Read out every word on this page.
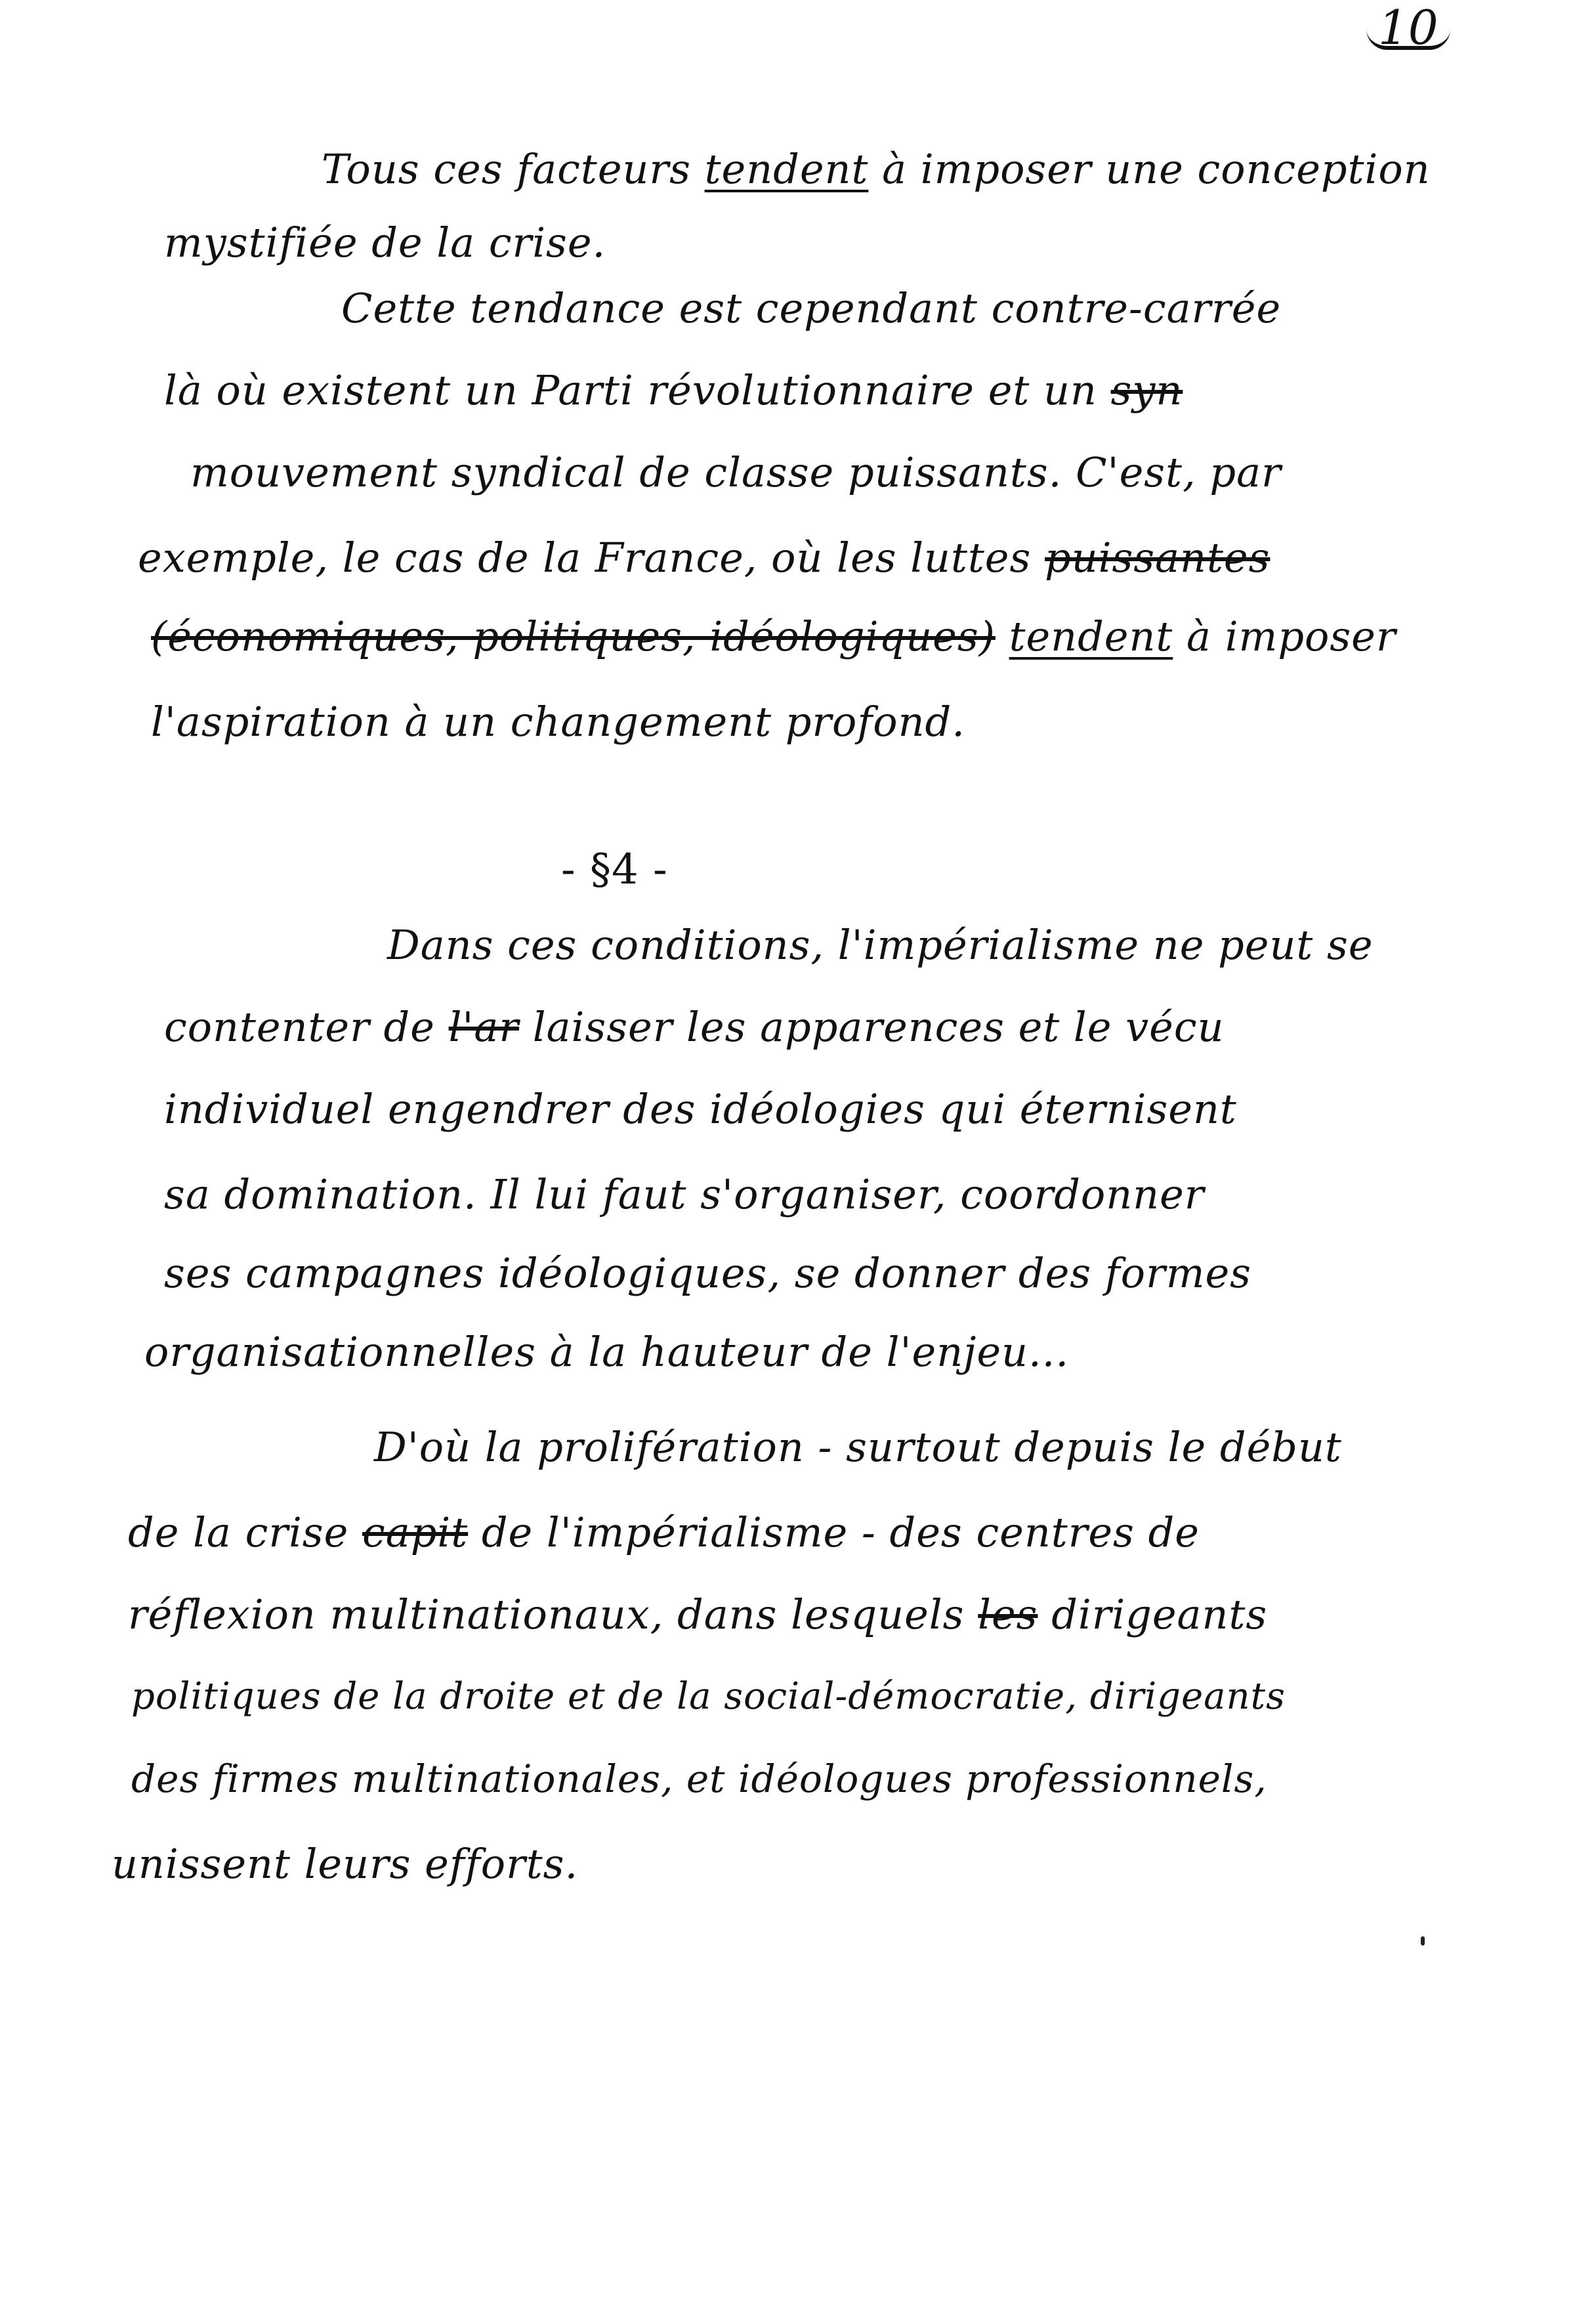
10

Tous ces facteurs tendent à imposer une conception

mystifiée de la crise.

Cette tendance est cependant contre-carrée

là où existent un Parti révolutionnaire et un syn

mouvement syndical de classe puissants. C'est, par

exemple, le cas de la France, où les luttes puissantes

(économiques, politiques, idéologiques) tendent à imposer

l'aspiration à un changement profond.

- §4 -

Dans ces conditions, l'impérialisme ne peut se

contenter de l'ar laisser les apparences et le vécu

individuel engendrer des idéologies qui éternisent

sa domination. Il lui faut s'organiser, coordonner

ses campagnes idéologiques, se donner des formes

organisationnelles à la hauteur de l'enjeu...

D'où la prolifération - surtout depuis le début

de la crise capit de l'impérialisme - des centres de

réflexion multinationaux, dans lesquels les dirigeants

politiques de la droite et de la social-démocratie, dirigeants

des firmes multinationales, et idéologues professionnels,

unissent leurs efforts.
